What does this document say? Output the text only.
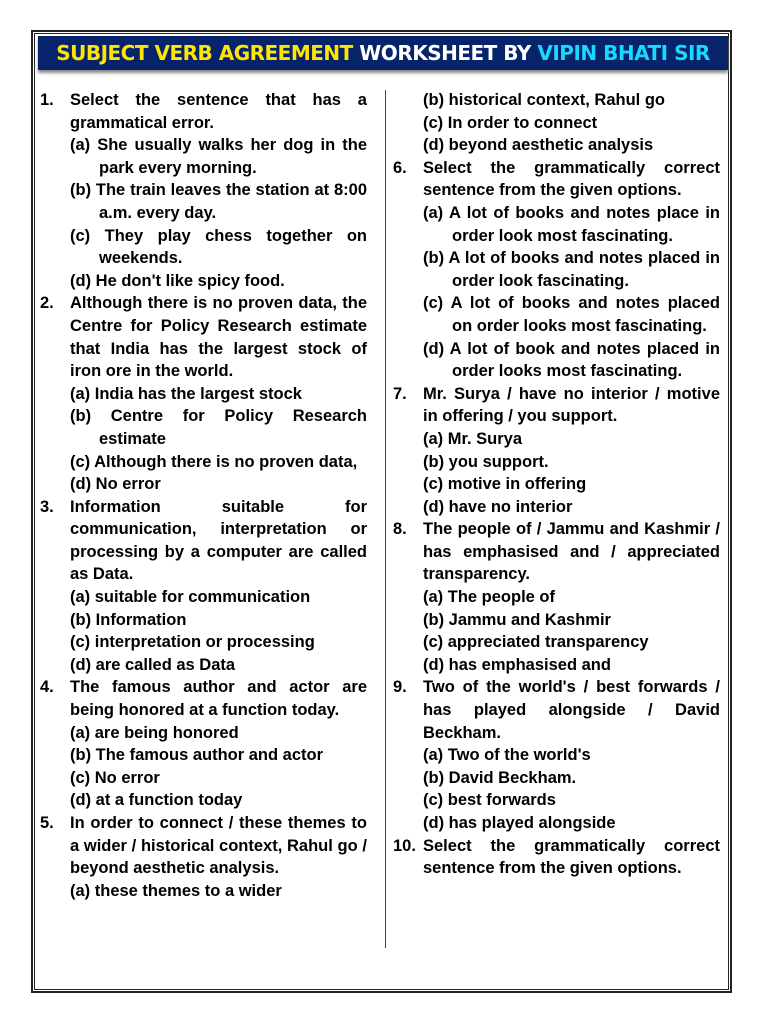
SUBJECT VERB AGREEMENT WORKSHEET BY VIPIN BHATI SIR
1. Select the sentence that has a grammatical error.
(a) She usually walks her dog in the park every morning.
(b) The train leaves the station at 8:00 a.m. every day.
(c) They play chess together on weekends.
(d) He don't like spicy food.
2. Although there is no proven data, the Centre for Policy Research estimate that India has the largest stock of iron ore in the world.
(a) India has the largest stock
(b) Centre for Policy Research estimate
(c) Although there is no proven data,
(d) No error
3. Information suitable for communication, interpretation or processing by a computer are called as Data.
(a) suitable for communication
(b) Information
(c) interpretation or processing
(d) are called as Data
4. The famous author and actor are being honored at a function today.
(a) are being honored
(b) The famous author and actor
(c) No error
(d) at a function today
5. In order to connect / these themes to a wider / historical context, Rahul go / beyond aesthetic analysis.
(a) these themes to a wider
(b) historical context, Rahul go
(c) In order to connect
(d) beyond aesthetic analysis
6. Select the grammatically correct sentence from the given options.
(a) A lot of books and notes place in order look most fascinating.
(b) A lot of books and notes placed in order look fascinating.
(c) A lot of books and notes placed on order looks most fascinating.
(d) A lot of book and notes placed in order looks most fascinating.
7. Mr. Surya / have no interior / motive in offering / you support.
(a) Mr. Surya
(b) you support.
(c) motive in offering
(d) have no interior
8. The people of / Jammu and Kashmir / has emphasised and / appreciated transparency.
(a) The people of
(b) Jammu and Kashmir
(c) appreciated transparency
(d) has emphasised and
9. Two of the world's / best forwards / has played alongside / David Beckham.
(a) Two of the world's
(b) David Beckham.
(c) best forwards
(d) has played alongside
10. Select the grammatically correct sentence from the given options.
